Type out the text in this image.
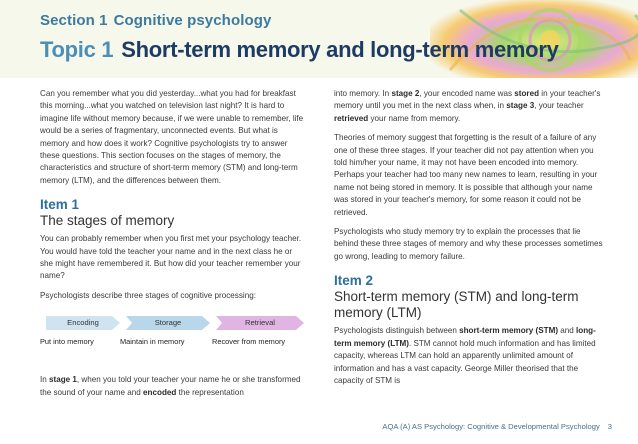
Section 1 Cognitive psychology
Topic 1 Short-term memory and long-term memory

Can you remember what you did yesterday...what you had for breakfast this morning...what you watched on television last night? It is hard to imagine life without memory because, if we were unable to remember, life would be a series of fragmentary, unconnected events. But what is memory and how does it work? Cognitive psychologists try to answer these questions. This section focuses on the stages of memory, the characteristics and structure of short-term memory (STM) and long-term memory (LTM), and the differences between them.

Item 1
The stages of memory

You can probably remember when you first met your psychology teacher. You would have told the teacher your name and in the next class he or she might have remembered it. But how did your teacher remember your name?

Psychologists describe three stages of cognitive processing:

Encoding	Storage	Retrieval
Put into memory	Maintain in memory	Recover from memory

In stage 1, when you told your teacher your name he or she transformed the sound of your name and encoded the representation

into memory. In stage 2, your encoded name was stored in your teacher's memory until you met in the next class when, in stage 3, your teacher retrieved your name from memory.

Theories of memory suggest that forgetting is the result of a failure of any one of these three stages. If your teacher did not pay attention when you told him/her your name, it may not have been encoded into memory. Perhaps your teacher had too many new names to learn, resulting in your name not being stored in memory. It is possible that although your name was stored in your teacher's memory, for some reason it could not be retrieved.

Psychologists who study memory try to explain the processes that lie behind these three stages of memory and why these processes sometimes go wrong, leading to memory failure.

Item 2
Short-term memory (STM) and long-term memory (LTM)

Psychologists distinguish between short-term memory (STM) and long-term memory (LTM). STM cannot hold much information and has limited capacity, whereas LTM can hold an apparently unlimited amount of information and has a vast capacity. George Miller theorised that the capacity of STM is

AQA (A) AS Psychology: Cognitive & Developmental Psychology 3
